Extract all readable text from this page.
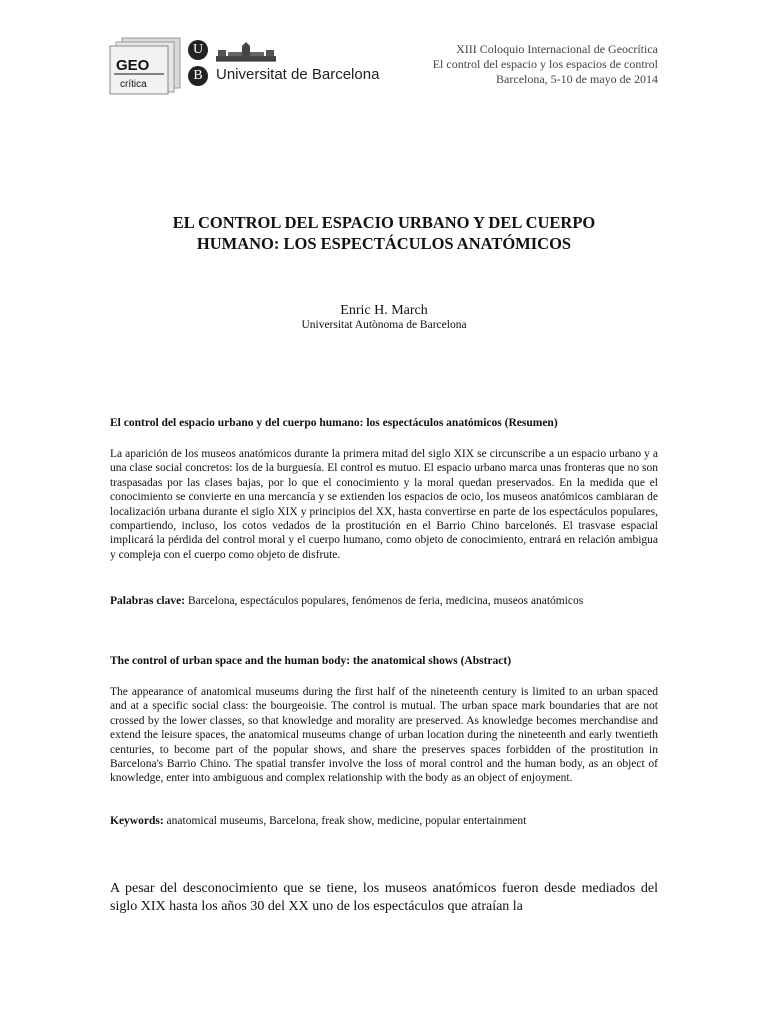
GEO
crítica
U
B Universitat de Barcelona
XIII Coloquio Internacional de Geocrítica
El control del espacio y los espacios de control
Barcelona, 5-10 de mayo de 2014
EL CONTROL DEL ESPACIO URBANO Y DEL CUERPO
HUMANO: LOS ESPECTÁCULOS ANATÓMICOS
Enric H. March
Universitat Autònoma de Barcelona
El control del espacio urbano y del cuerpo humano: los espectáculos anatómicos (Resumen)
La aparición de los museos anatómicos durante la primera mitad del siglo XIX se circunscribe a un espacio urbano y a una clase social concretos: los de la burguesía. El control es mutuo. El espacio urbano marca unas fronteras que no son traspasadas por las clases bajas, por lo que el conocimiento y la moral quedan preservados. En la medida que el conocimiento se convierte en una mercancía y se extienden los espacios de ocio, los museos anatómicos cambiaran de localización urbana durante el siglo XIX y principios del XX, hasta convertirse en parte de los espectáculos populares, compartiendo, incluso, los cotos vedados de la prostitución en el Barrio Chino barcelonés. El trasvase espacial implicará la pérdida del control moral y el cuerpo humano, como objeto de conocimiento, entrará en relación ambigua y compleja con el cuerpo como objeto de disfrute.
Palabras clave: Barcelona, espectáculos populares, fenómenos de feria, medicina, museos anatómicos
The control of urban space and the human body: the anatomical shows (Abstract)
The appearance of anatomical museums during the first half of the nineteenth century is limited to an urban spaced and at a specific social class: the bourgeoisie. The control is mutual. The urban space mark boundaries that are not crossed by the lower classes, so that knowledge and morality are preserved. As knowledge becomes merchandise and extend the leisure spaces, the anatomical museums change of urban location during the nineteenth and early twentieth centuries, to become part of the popular shows, and share the preserves spaces forbidden of the prostitution in Barcelona's Barrio Chino. The spatial transfer involve the loss of moral control and the human body, as an object of knowledge, enter into ambiguous and complex relationship with the body as an object of enjoyment.
Keywords: anatomical museums, Barcelona, freak show, medicine, popular entertainment
A pesar del desconocimiento que se tiene, los museos anatómicos fueron desde mediados del siglo XIX hasta los años 30 del XX uno de los espectáculos que atraían la
